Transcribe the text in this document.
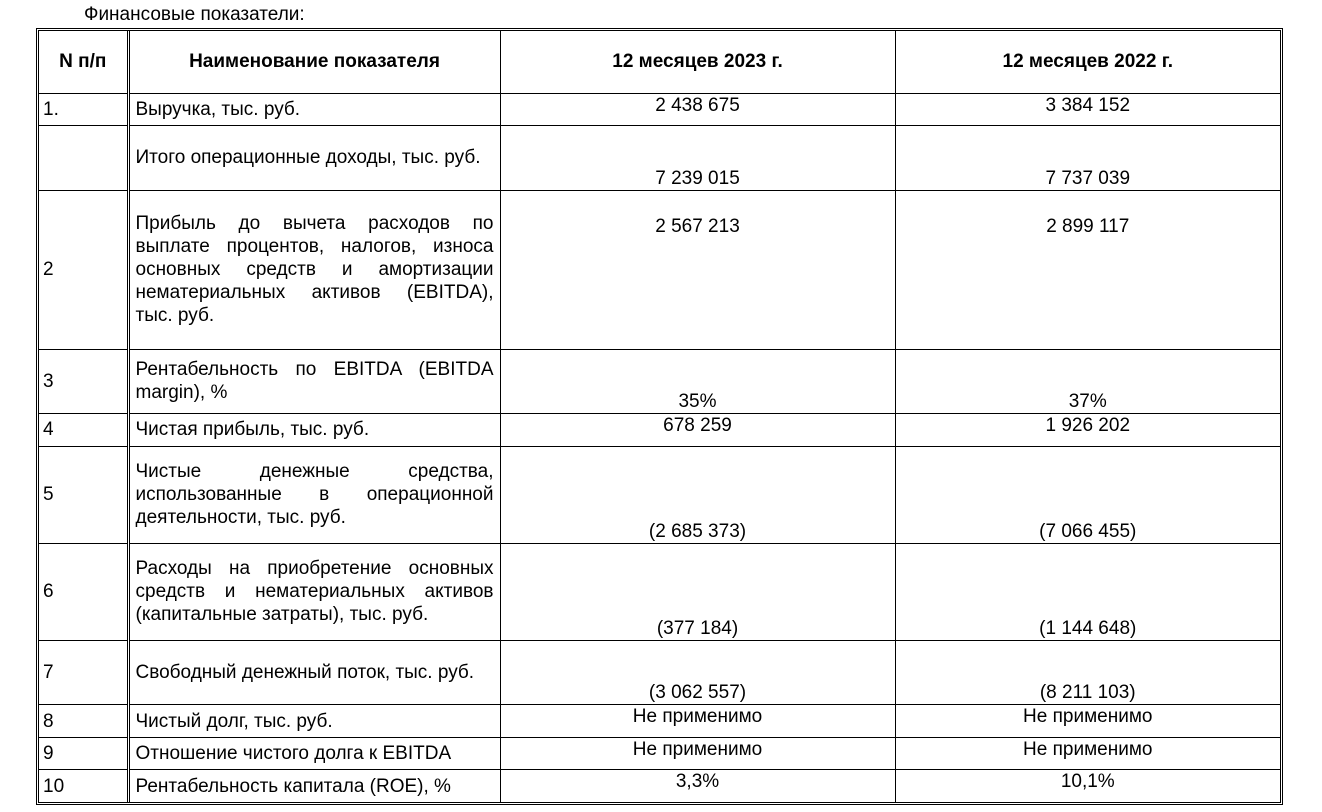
Финансовые показатели:
N п/п	Наименование показателя	12 месяцев 2023 г.	12 месяцев 2022 г.
1.	Выручка, тыс. руб.	2 438 675	3 384 152
	Итого операционные доходы, тыс. руб.	7 239 015	7 737 039
2	Прибыль до вычета расходов по выплате процентов, налогов, износа основных средств и амортизации нематериальных активов (EBITDA), тыс. руб.	2 567 213	2 899 117
3	Рентабельность по EBITDA (EBITDA margin), %	35%	37%
4	Чистая прибыль, тыс. руб.	678 259	1 926 202
5	Чистые денежные средства, использованные в операционной деятельности, тыс. руб.	(2 685 373)	(7 066 455)
6	Расходы на приобретение основных средств и нематериальных активов (капитальные затраты), тыс. руб.	(377 184)	(1 144 648)
7	Свободный денежный поток, тыс. руб.	(3 062 557)	(8 211 103)
8	Чистый долг, тыс. руб.	Не применимо	Не применимо
9	Отношение чистого долга к EBITDA	Не применимо	Не применимо
10	Рентабельность капитала (ROE), %	3,3%	10,1%
